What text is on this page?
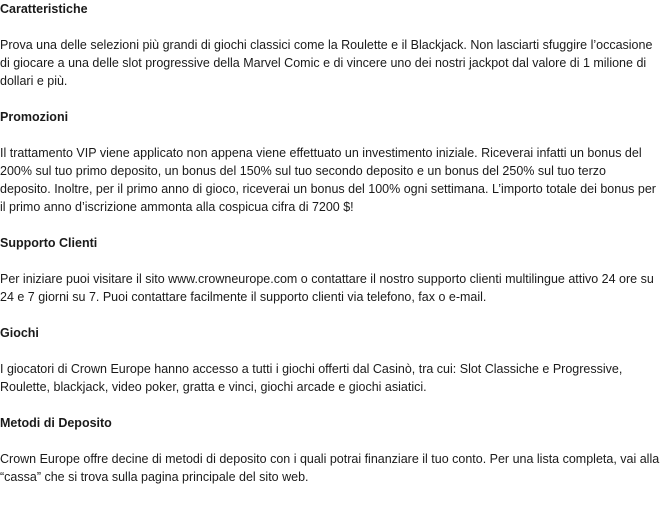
Caratteristiche

Prova una delle selezioni più grandi di giochi classici come la Roulette e il Blackjack. Non lasciarti sfuggire l’occasione di giocare a una delle slot progressive della Marvel Comic e di vincere uno dei nostri jackpot dal valore di 1 milione di dollari e più.

Promozioni

Il trattamento VIP viene applicato non appena viene effettuato un investimento iniziale. Riceverai infatti un bonus del 200% sul tuo primo deposito, un bonus del 150% sul tuo secondo deposito e un bonus del 250% sul tuo terzo deposito. Inoltre, per il primo anno di gioco, riceverai un bonus del 100% ogni settimana. L’importo totale dei bonus per il primo anno d’iscrizione ammonta alla cospicua cifra di 7200 $!

Supporto Clienti

Per iniziare puoi visitare il sito www.crowneurope.com o contattare il nostro supporto clienti multilingue attivo 24 ore su 24 e 7 giorni su 7. Puoi contattare facilmente il supporto clienti via telefono, fax o e-mail.

Giochi

I giocatori di Crown Europe hanno accesso a tutti i giochi offerti dal Casinò, tra cui: Slot Classiche e Progressive, Roulette, blackjack, video poker, gratta e vinci, giochi arcade e giochi asiatici.

Metodi di Deposito

Crown Europe offre decine di metodi di deposito con i quali potrai finanziare il tuo conto. Per una lista completa, vai alla “cassa” che si trova sulla pagina principale del sito web.
